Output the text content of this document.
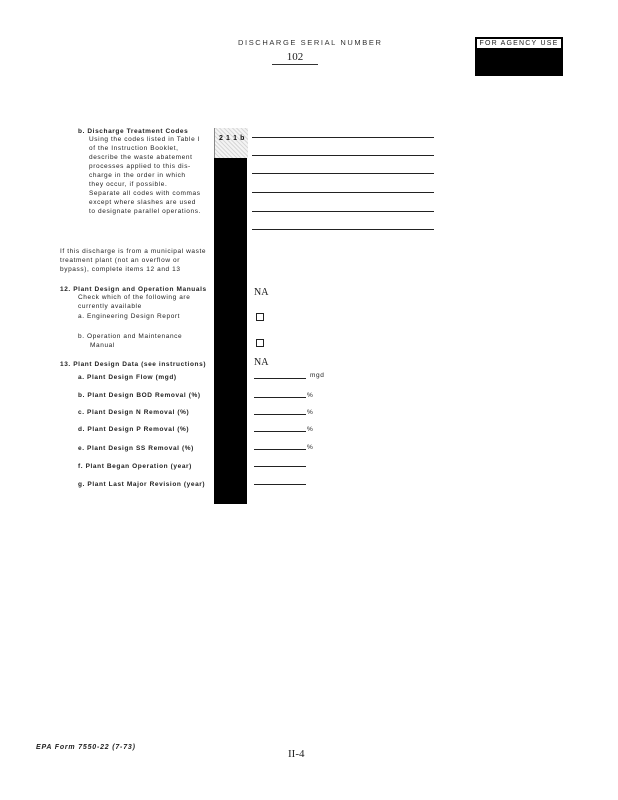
DISCHARGE SERIAL NUMBER
102
FOR AGENCY USE
2 1 1 b
b. Discharge Treatment Codes
Using the codes listed in Table I
of the Instruction Booklet,
describe the waste abatement
processes applied to this dis-
charge in the order in which
they occur, if possible.
Separate all codes with commas
except where slashes are used
to designate parallel operations.
If this discharge is from a municipal waste
treatment plant (not an overflow or
bypass), complete items 12 and 13
12. Plant Design and Operation Manuals
Check which of the following are
currently available
NA
a. Engineering Design Report
b. Operation and Maintenance
Manual
13. Plant Design Data (see instructions)	NA
a. Plant Design Flow (mgd)	mgd
b. Plant Design BOD Removal (%)	%
c. Plant Design N Removal (%)	%
d. Plant Design P Removal (%)	%
e. Plant Design SS Removal (%)	%
f. Plant Began Operation (year)
g. Plant Last Major Revision (year)
EPA Form 7550-22 (7-73)
II-4
